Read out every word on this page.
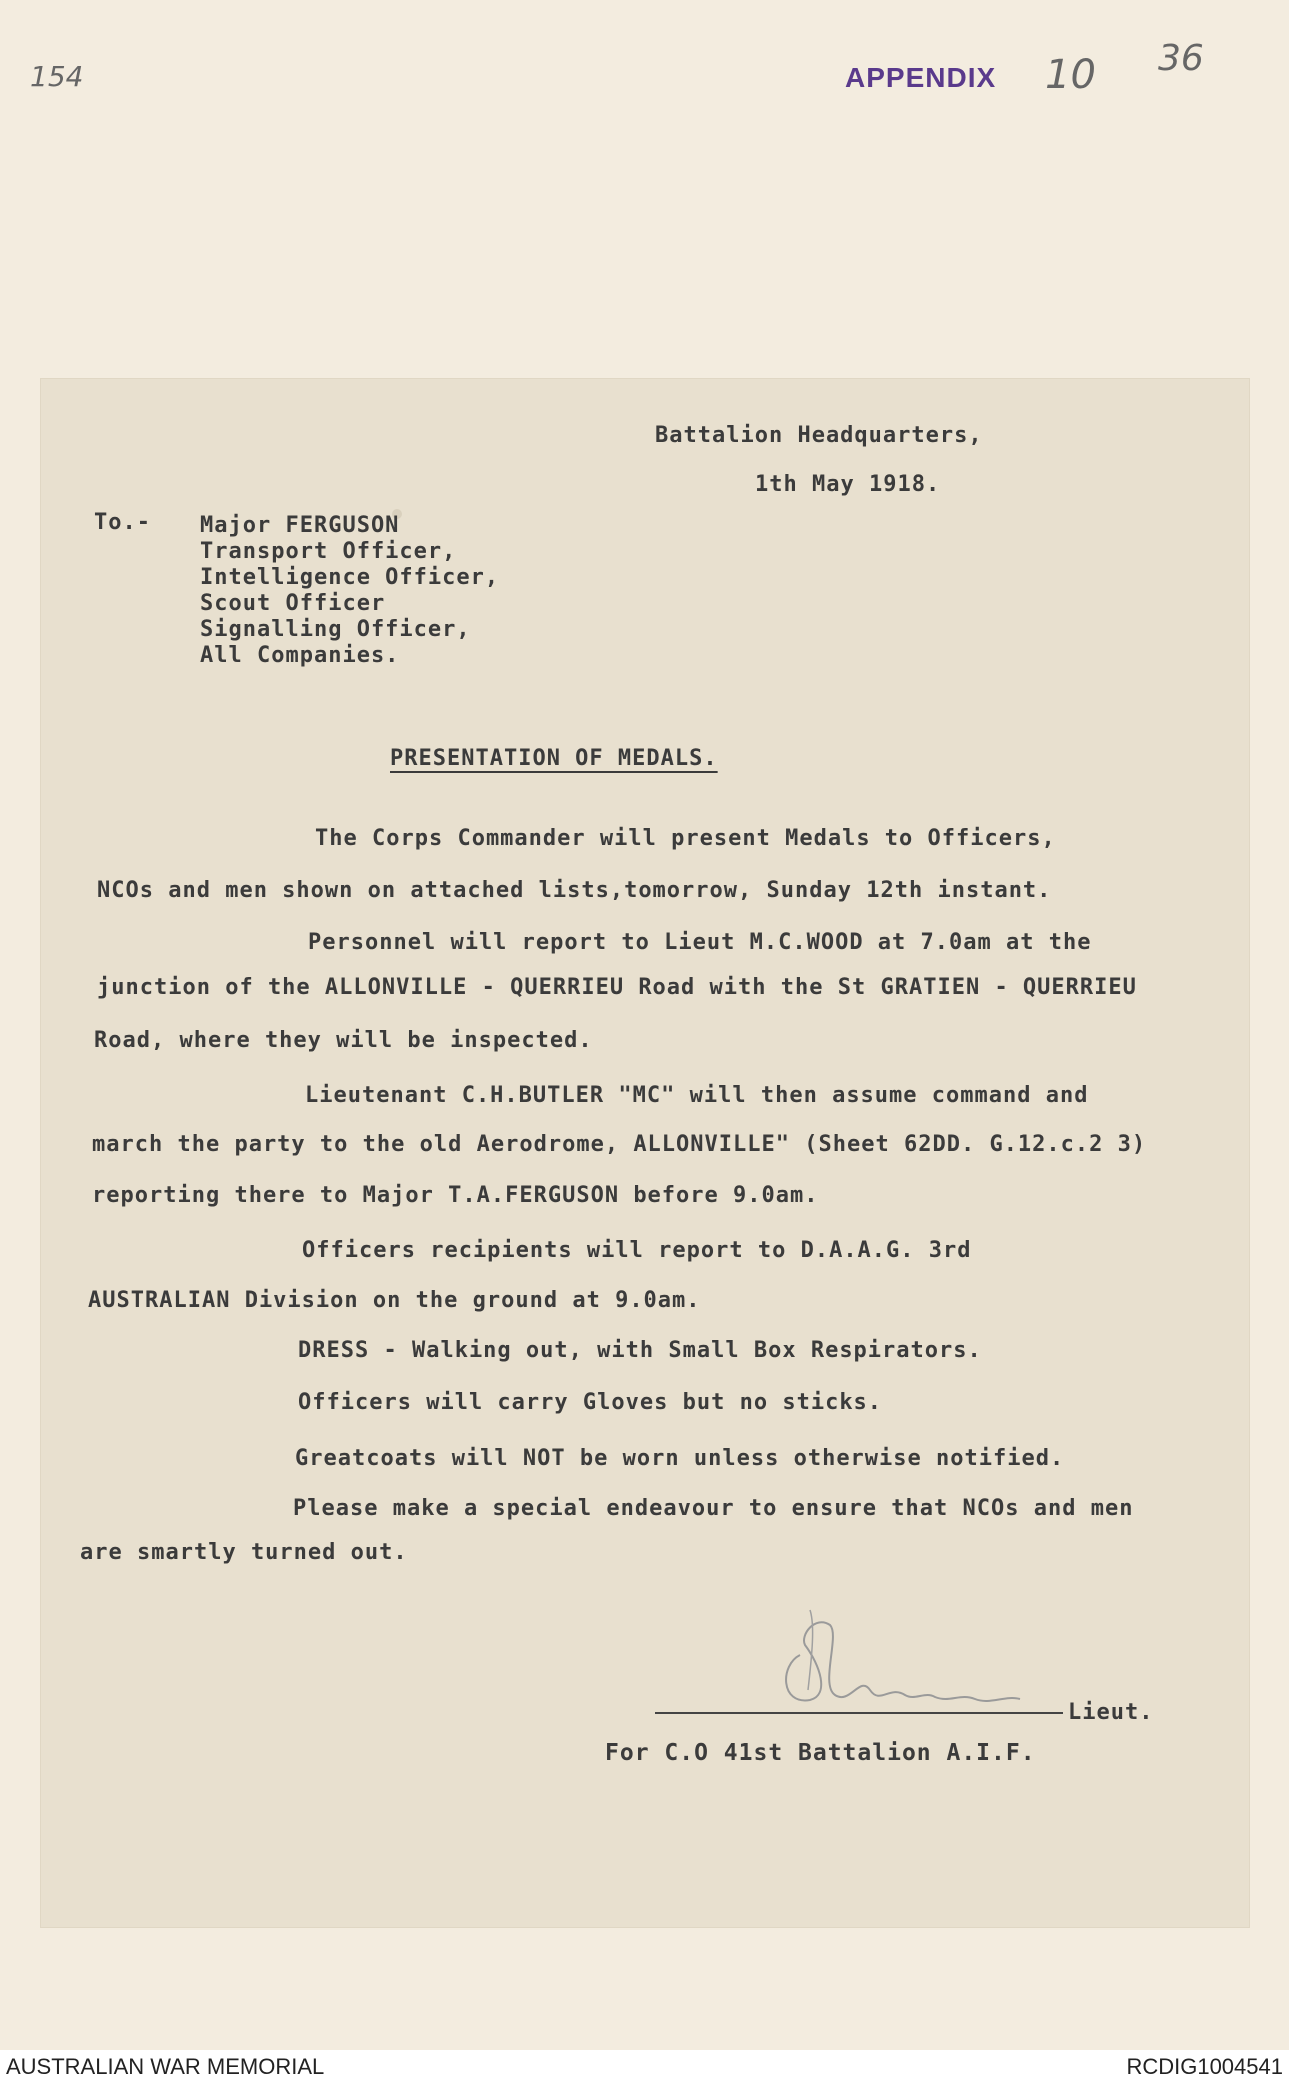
154	APPENDIX 10 36
Battalion Headquarters,
1th May 1918.
To.- Major FERGUSON
Transport Officer,
Intelligence Officer,
Scout Officer
Signalling Officer,
All Companies.
PRESENTATION OF MEDALS.
The Corps Commander will present Medals to Officers,
NCOs and men shown on attached lists,tomorrow, Sunday 12th instant.
Personnel will report to Lieut M.C.WOOD at 7.0am at the
junction of the ALLONVILLE - QUERRIEU Road with the St GRATIEN - QUERRIEU
Road, where they will be inspected.
Lieutenant C.H.BUTLER "MC" will then assume command and
march the party to the old Aerodrome, ALLONVILLE" (Sheet 62DD. G.12.c.2 3)
reporting there to Major T.A.FERGUSON before 9.0am.
Officers recipients will report to D.A.A.G. 3rd
AUSTRALIAN Division on the ground at 9.0am.
DRESS - Walking out, with Small Box Respirators.
Officers will carry Gloves but no sticks.
Greatcoats will NOT be worn unless otherwise notified.
Please make a special endeavour to ensure that NCOs and men
are smartly turned out.
Lieut.
For C.O 41st Battalion A.I.F.
AUSTRALIAN WAR MEMORIAL	RCDIG1004541
